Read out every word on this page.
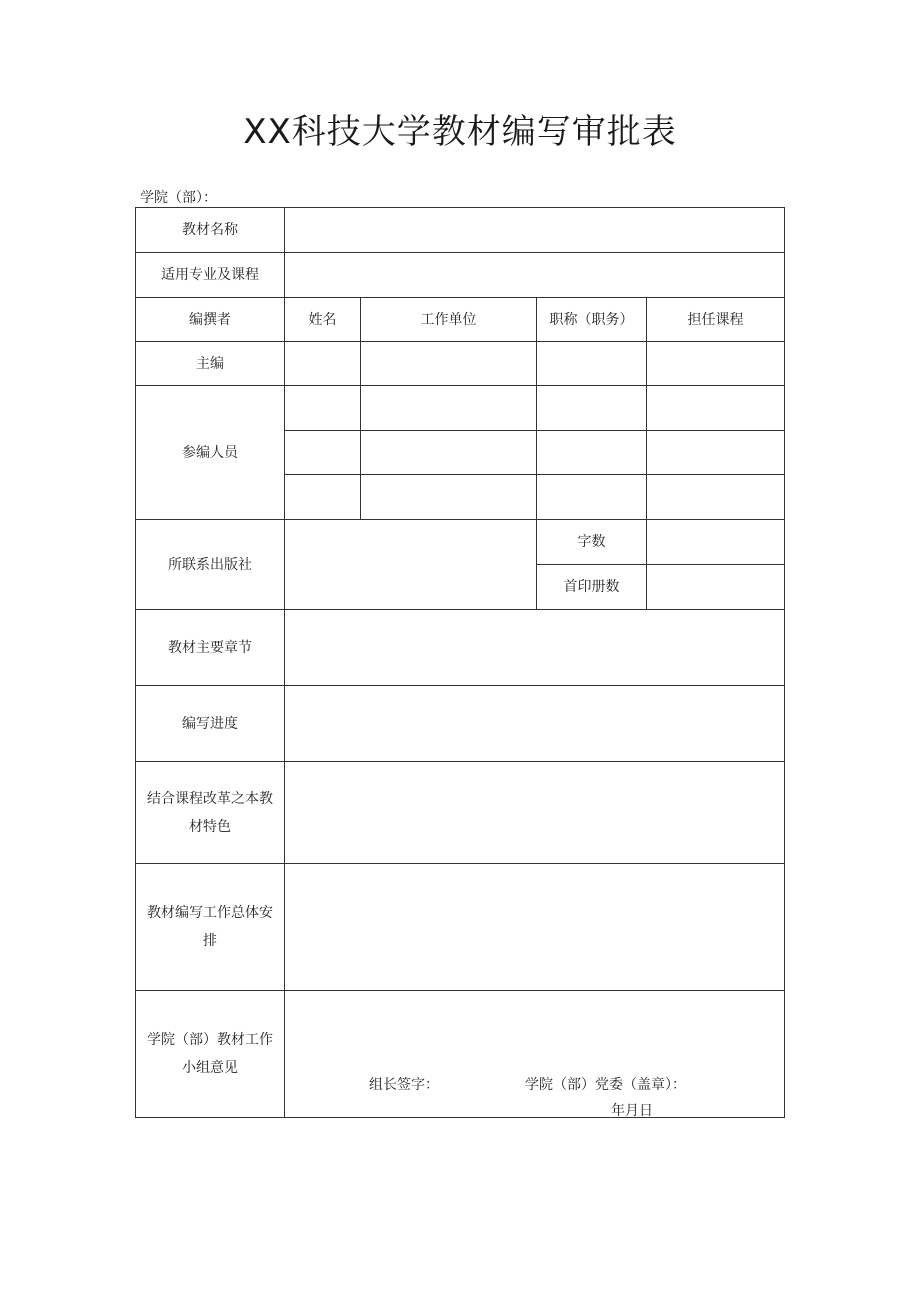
XX科技大学教材编写审批表
学院（部）：
教材名称				
适用专业及课程				
编撰者	姓名	工作单位	职称（职务）	担任课程
主编				
参编人员				

所联系出版社			字数	
			首印册数	
教材主要章节				
编写进度				

结合课程改革之本教材特色				

教材编写工作总体安排				

学院（部）教材工作小组意见	组长签字： 学院（部）党委（盖章）：
年月日			
